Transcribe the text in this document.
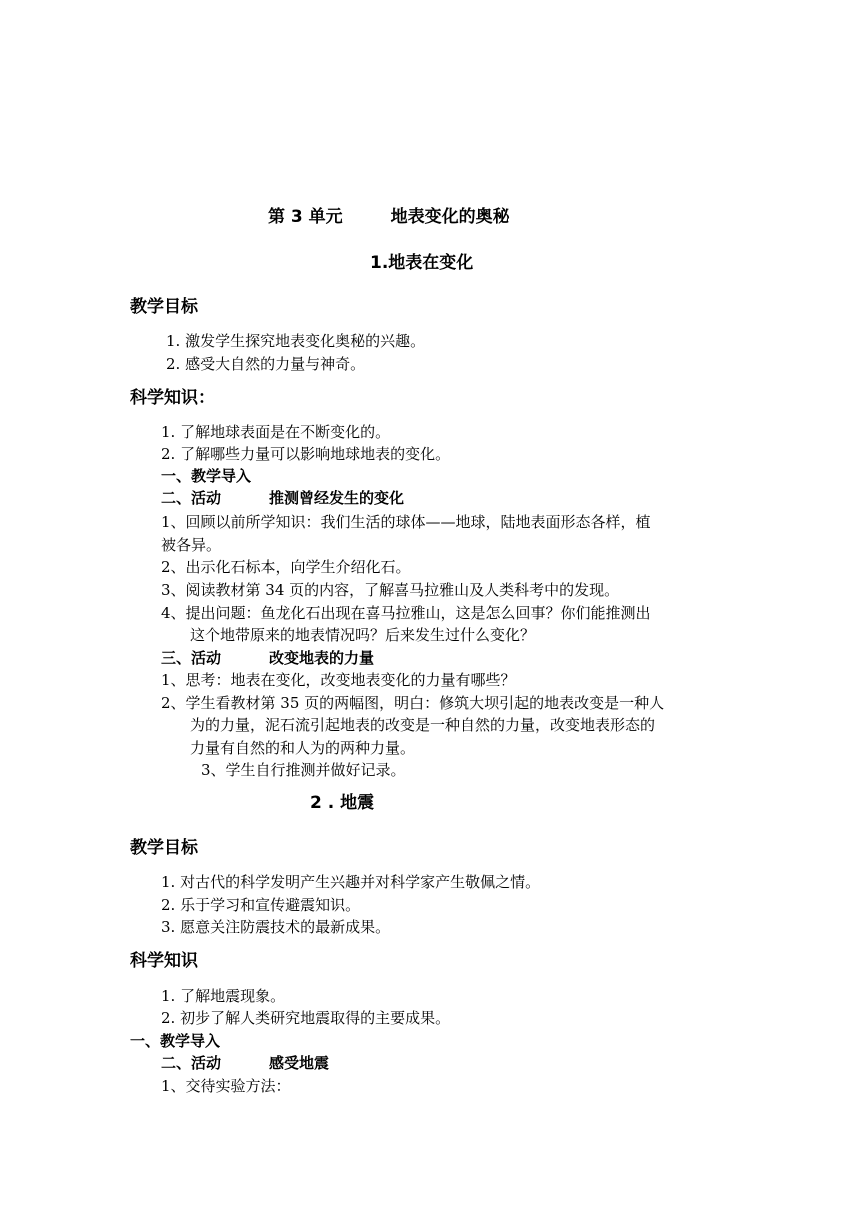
第 3 单元	地表变化的奥秘
1.地表在变化
教学目标
1. 激发学生探究地表变化奥秘的兴趣。
2. 感受大自然的力量与神奇。
科学知识：
1. 了解地球表面是在不断变化的。
2. 了解哪些力量可以影响地球地表的变化。
一、教学导入
二、活动	推测曾经发生的变化
1、回顾以前所学知识：我们生活的球体——地球，陆地表面形态各样，植
被各异。
2、出示化石标本，向学生介绍化石。
3、阅读教材第 34 页的内容，了解喜马拉雅山及人类科考中的发现。
4、提出问题：鱼龙化石出现在喜马拉雅山，这是怎么回事？你们能推测出
这个地带原来的地表情况吗？后来发生过什么变化？
三、活动	改变地表的力量
1、思考：地表在变化，改变地表变化的力量有哪些？
2、学生看教材第 35 页的两幅图，明白：修筑大坝引起的地表改变是一种人
为的力量，泥石流引起地表的改变是一种自然的力量，改变地表形态的
力量有自然的和人为的两种力量。
3、学生自行推测并做好记录。
2 . 地震
教学目标
1. 对古代的科学发明产生兴趣并对科学家产生敬佩之情。
2. 乐于学习和宣传避震知识。
3. 愿意关注防震技术的最新成果。
科学知识
1. 了解地震现象。
2. 初步了解人类研究地震取得的主要成果。
一、教学导入
二、活动	感受地震
1、交待实验方法：
